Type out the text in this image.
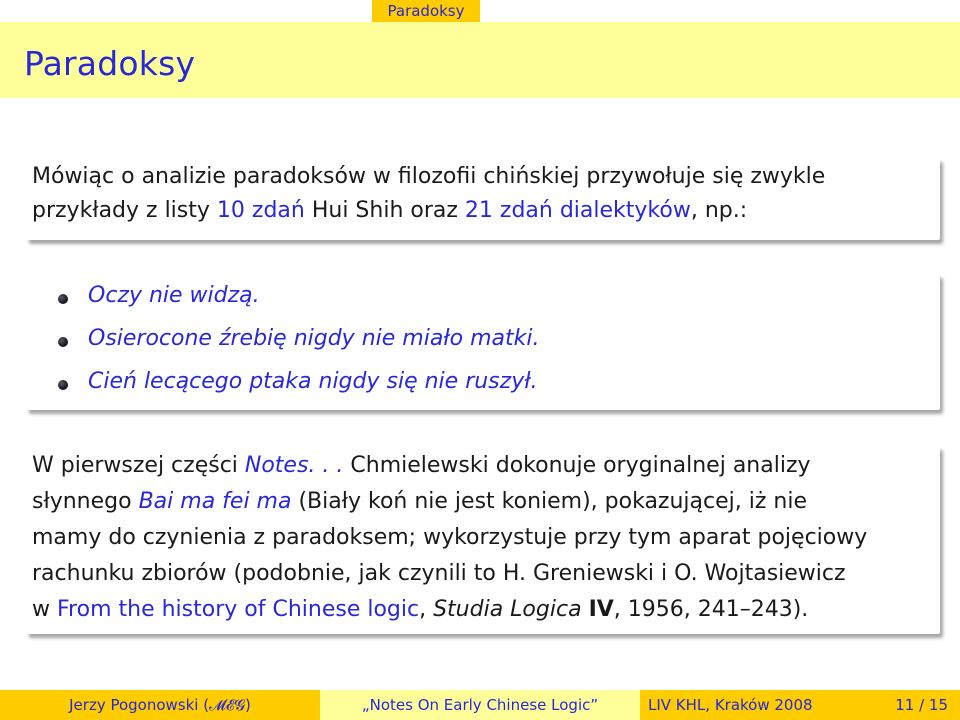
Paradoksy
Paradoksy
Mówiąc o analizie paradoksów w filozofii chińskiej przywołuje się zwykle
przykłady z listy 10 zdań Hui Shih oraz 21 zdań dialektyków, np.:
Oczy nie widzą.
Osierocone źrebię nigdy nie miało matki.
Cień lecącego ptaka nigdy się nie ruszył.
W pierwszej części Notes. . . Chmielewski dokonuje oryginalnej analizy
słynnego Bai ma fei ma (Biały koń nie jest koniem), pokazującej, iż nie
mamy do czynienia z paradoksem; wykorzystuje przy tym aparat pojęciowy
rachunku zbiorów (podobnie, jak czynili to H. Greniewski i O. Wojtasiewicz
w From the history of Chinese logic, Studia Logica IV, 1956, 241–243).
Jerzy Pogonowski (𝓜𝓔𝓖)	„Notes On Early Chinese Logic”	LIV KHL, Kraków 2008	11 / 15
